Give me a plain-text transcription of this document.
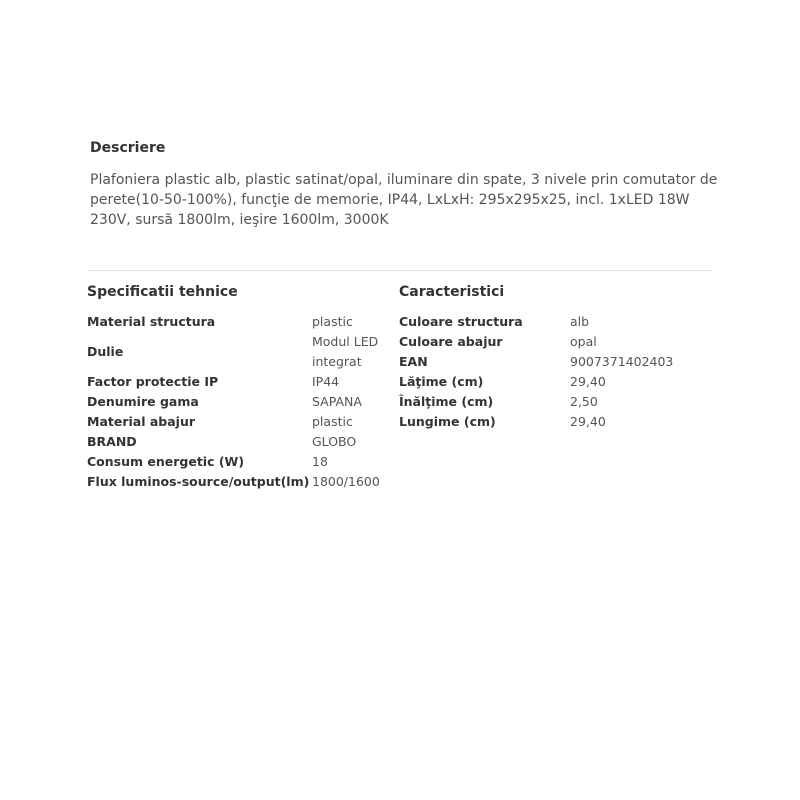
Descriere
Plafoniera plastic alb, plastic satinat/opal, iluminare din spate, 3 nivele prin comutator de perete(10-50-100%), funcţie de memorie, IP44, LxLxH: 295x295x25, incl. 1xLED 18W 230V, sursă 1800lm, ieşire 1600lm, 3000K
Specificatii tehnice
Material structura	plastic
Dulie	Modul LED integrat
Factor protectie IP	IP44
Denumire gama	SAPANA
Material abajur	plastic
BRAND	GLOBO
Consum energetic (W)	18
Flux luminos-source/output(lm)	1800/1600
Caracteristici
Culoare structura	alb
Culoare abajur	opal
EAN	9007371402403
Lăţime (cm)	29,40
Înălţime (cm)	2,50
Lungime (cm)	29,40
